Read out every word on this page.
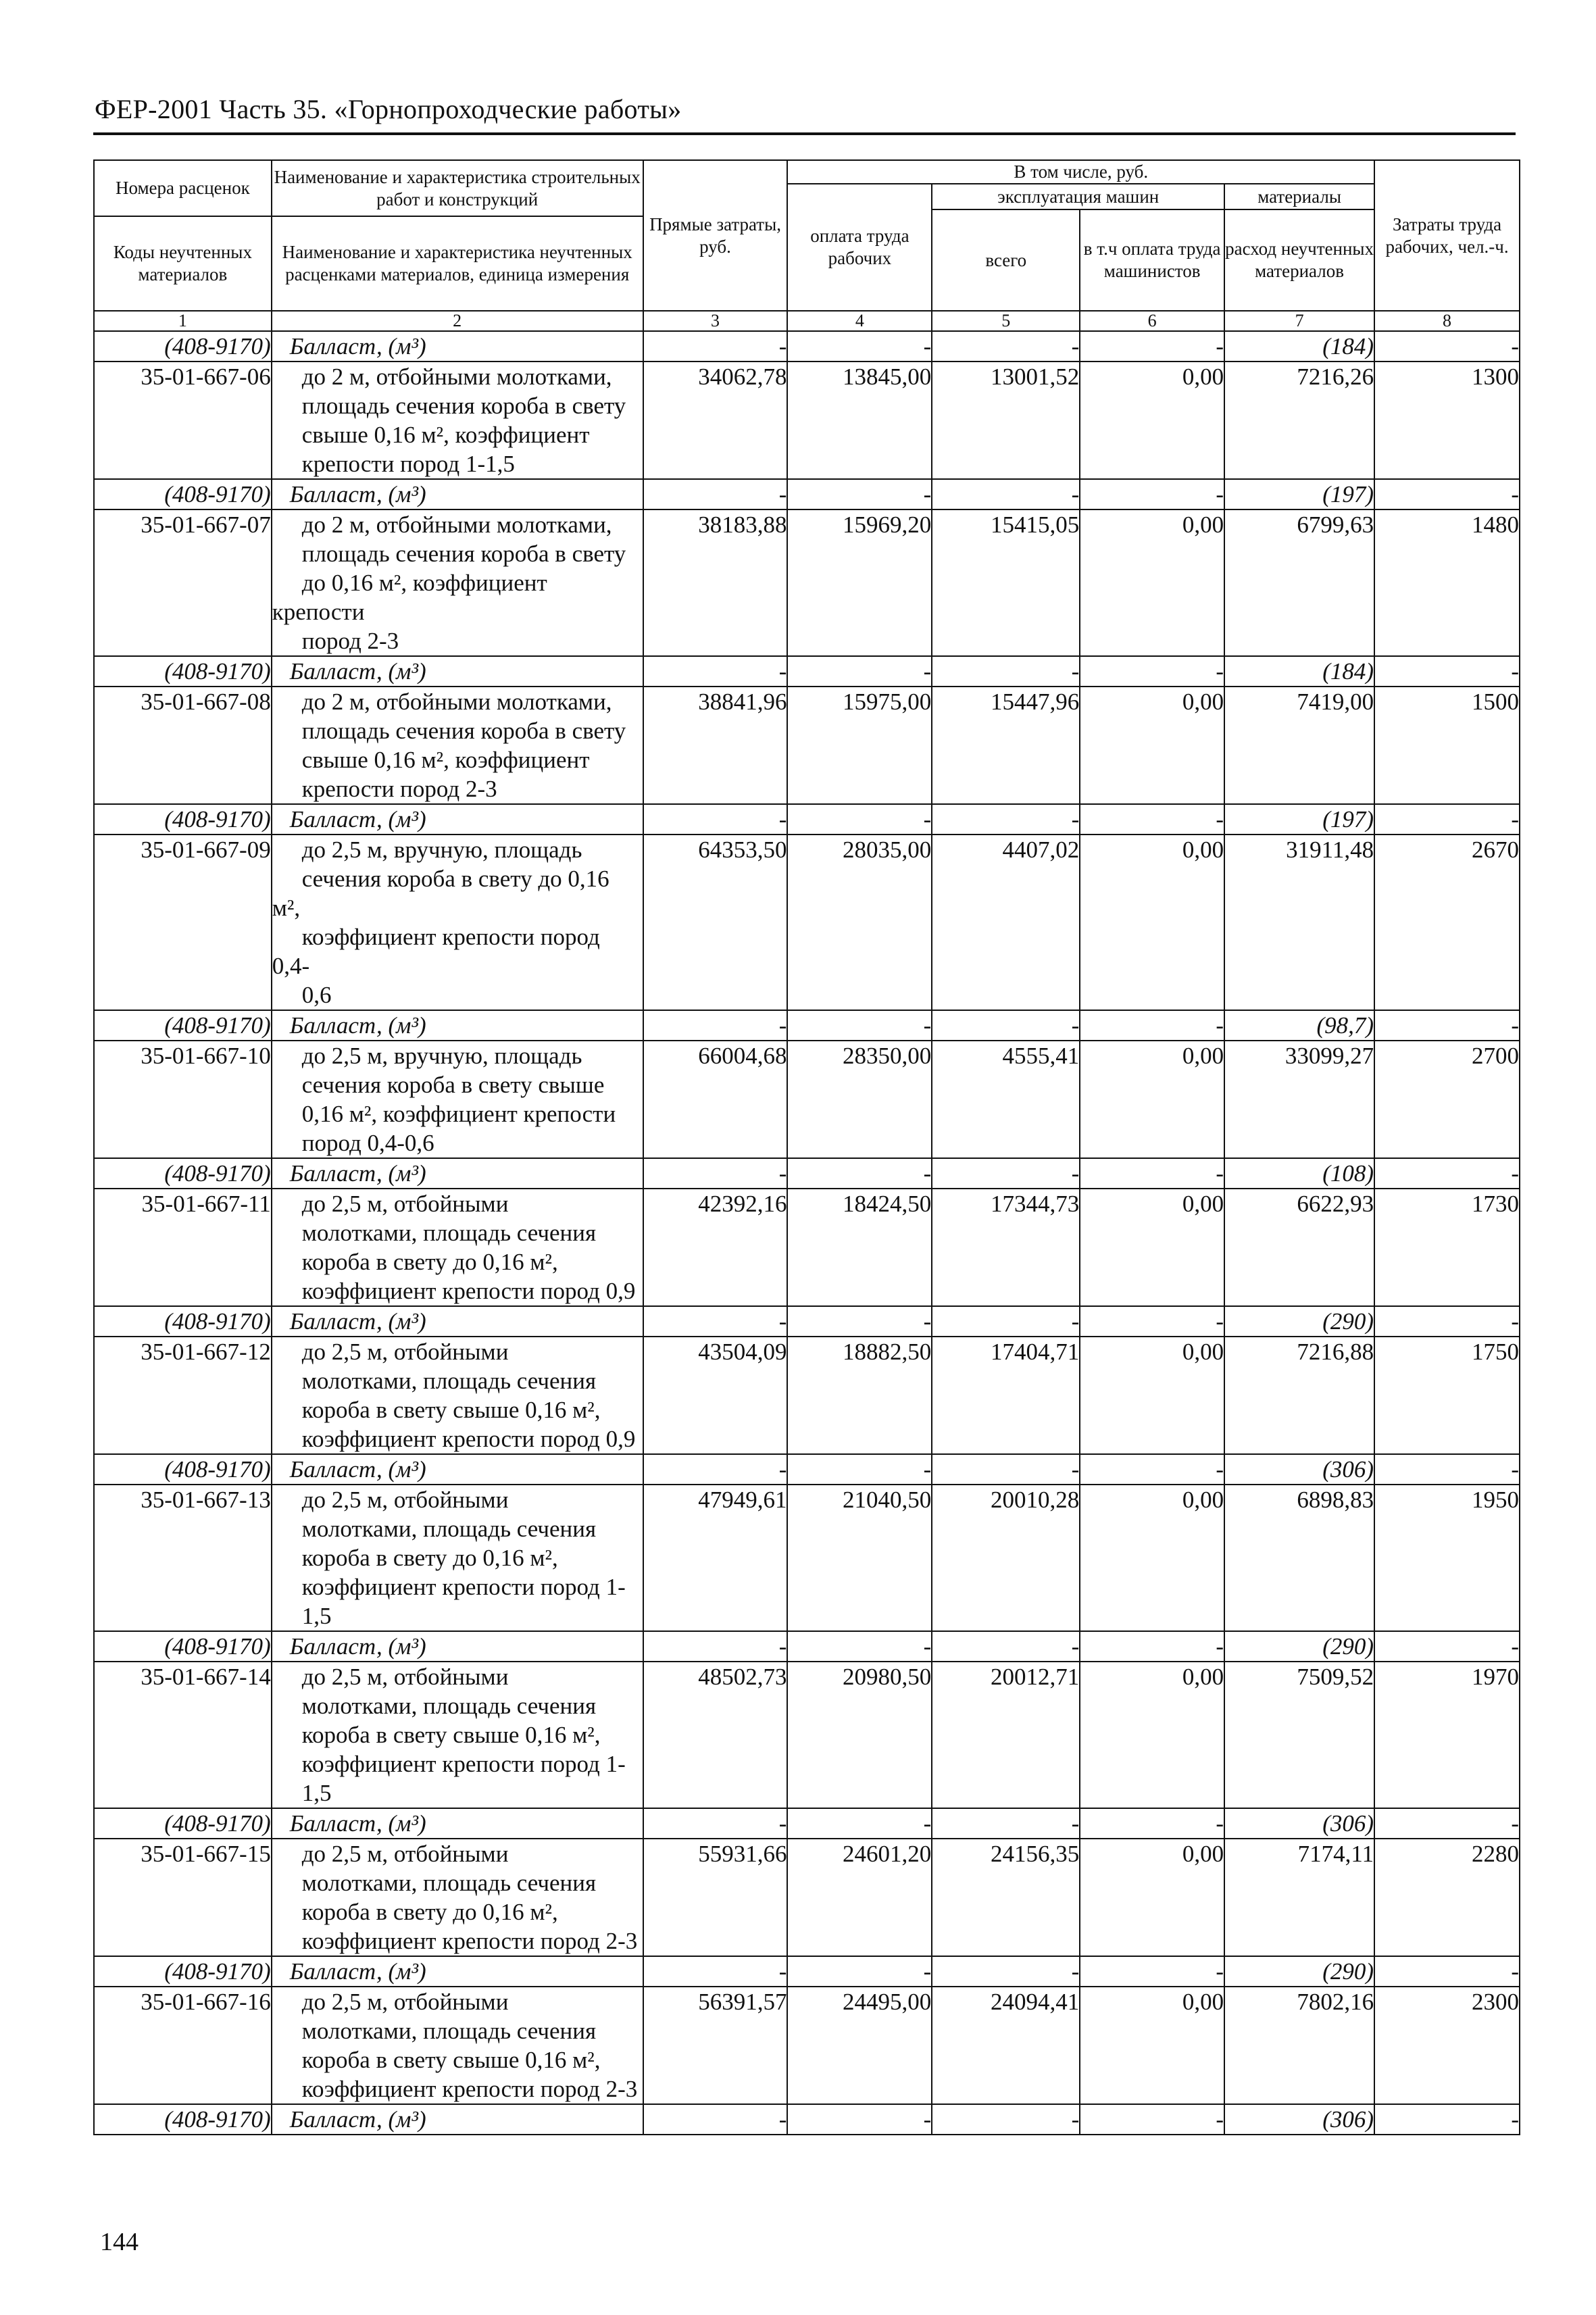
ФЕР-2001 Часть 35. «Горнопроходческие работы»
Номера расценок	Наименование и характеристика строительных работ и конструкций	Прямые затраты, руб.	В том числе, руб.				Затраты труда рабочих, чел.-ч.
			оплата труда рабочих	эксплуатация машин		материалы	
				всего	в т.ч оплата труда машинистов	расход неучтенных материалов	
Коды неучтенных материалов	Наименование и характеристика неучтенных расценками материалов, единица измерения						

1	2	3	4	5	6	7	8
(408-9170)	Балласт, (м³)	-	-	-	-	(184)	-
35-01-667-06	до 2 м, отбойными молотками,
площадь сечения короба в свету
свыше 0,16 м², коэффициент
крепости пород 1-1,5	34062,78	13845,00	13001,52	0,00	7216,26	1300
(408-9170)	Балласт, (м³)	-	-	-	-	(197)	-
35-01-667-07	до 2 м, отбойными молотками,
площадь сечения короба в свету
до 0,16 м², коэффициент крепости
пород 2-3	38183,88	15969,20	15415,05	0,00	6799,63	1480
(408-9170)	Балласт, (м³)	-	-	-	-	(184)	-
35-01-667-08	до 2 м, отбойными молотками,
площадь сечения короба в свету
свыше 0,16 м², коэффициент
крепости пород 2-3	38841,96	15975,00	15447,96	0,00	7419,00	1500
(408-9170)	Балласт, (м³)	-	-	-	-	(197)	-
35-01-667-09	до 2,5 м, вручную, площадь
сечения короба в свету до 0,16 м²,
коэффициент крепости пород 0,4-
0,6	64353,50	28035,00	4407,02	0,00	31911,48	2670
(408-9170)	Балласт, (м³)	-	-	-	-	(98,7)	-
35-01-667-10	до 2,5 м, вручную, площадь
сечения короба в свету свыше
0,16 м², коэффициент крепости
пород 0,4-0,6	66004,68	28350,00	4555,41	0,00	33099,27	2700
(408-9170)	Балласт, (м³)	-	-	-	-	(108)	-
35-01-667-11	до 2,5 м, отбойными
молотками, площадь сечения
короба в свету до 0,16 м²,
коэффициент крепости пород 0,9	42392,16	18424,50	17344,73	0,00	6622,93	1730
(408-9170)	Балласт, (м³)	-	-	-	-	(290)	-
35-01-667-12	до 2,5 м, отбойными
молотками, площадь сечения
короба в свету свыше 0,16 м²,
коэффициент крепости пород 0,9	43504,09	18882,50	17404,71	0,00	7216,88	1750
(408-9170)	Балласт, (м³)	-	-	-	-	(306)	-
35-01-667-13	до 2,5 м, отбойными
молотками, площадь сечения
короба в свету до 0,16 м²,
коэффициент крепости пород 1-
1,5	47949,61	21040,50	20010,28	0,00	6898,83	1950
(408-9170)	Балласт, (м³)	-	-	-	-	(290)	-
35-01-667-14	до 2,5 м, отбойными
молотками, площадь сечения
короба в свету свыше 0,16 м²,
коэффициент крепости пород 1-
1,5	48502,73	20980,50	20012,71	0,00	7509,52	1970
(408-9170)	Балласт, (м³)	-	-	-	-	(306)	-
35-01-667-15	до 2,5 м, отбойными
молотками, площадь сечения
короба в свету до 0,16 м²,
коэффициент крепости пород 2-3	55931,66	24601,20	24156,35	0,00	7174,11	2280
(408-9170)	Балласт, (м³)	-	-	-	-	(290)	-
35-01-667-16	до 2,5 м, отбойными
молотками, площадь сечения
короба в свету свыше 0,16 м²,
коэффициент крепости пород 2-3	56391,57	24495,00	24094,41	0,00	7802,16	2300
(408-9170)	Балласт, (м³)	-	-	-	-	(306)	-
144
